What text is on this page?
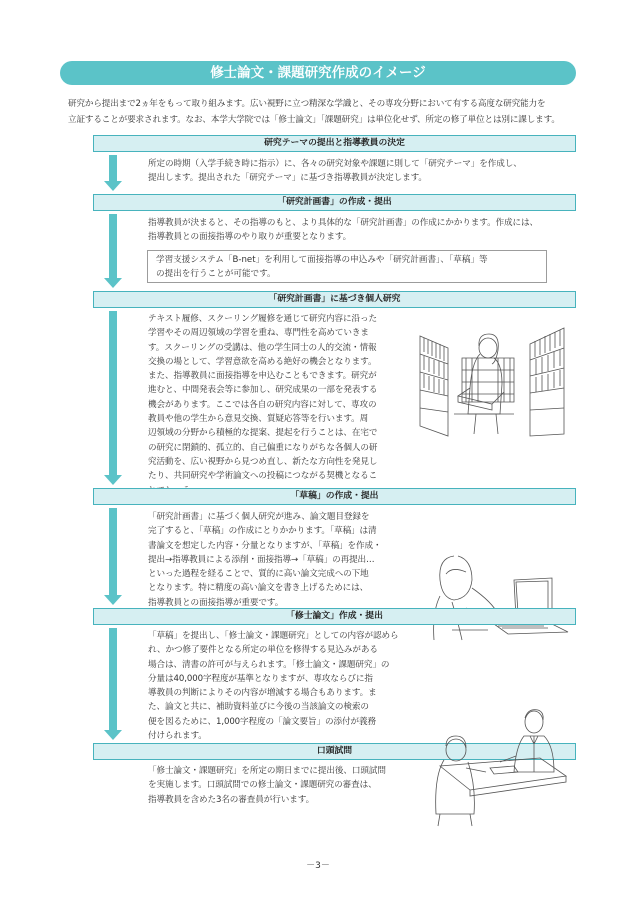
修士論文・課題研究作成のイメージ
研究から提出まで2ヵ年をもって取り組みます。広い視野に立つ精深な学識と、その専攻分野において有する高度な研究能力を
立証することが要求されます。なお、本学大学院では「修士論文」「課題研究」は単位化せず、所定の修了単位とは別に課します。
研究テーマの提出と指導教員の決定
所定の時期（入学手続き時に指示）に、各々の研究対象や課題に則して「研究テーマ」を作成し、
提出します。提出された「研究テーマ」に基づき指導教員が決定します。
「研究計画書」の作成・提出
指導教員が決まると、その指導のもと、より具体的な「研究計画書」の作成にかかります。作成には、
指導教員との面接指導のやり取りが重要となります。
学習支援システム「B-net」を利用して面接指導の申込みや「研究計画書」、「草稿」等
の提出を行うことが可能です。
「研究計画書」に基づき個人研究
テキスト履修、スクーリング履修を通じて研究内容に沿った
学習やその周辺領域の学習を重ね、専門性を高めていきま
す。スクーリングの受講は、他の学生同士の人的交流・情報
交換の場として、学習意欲を高める絶好の機会となります。
また、指導教員に面接指導を申込むこともできます。研究が
進むと、中間発表会等に参加し、研究成果の一部を発表する
機会があります。ここでは各自の研究内容に対して、専攻の
教員や他の学生から意見交換、質疑応答等を行います。周
辺領域の分野から積極的な提案、提起を行うことは、在宅で
の研究に閉鎖的、孤立的、自己偏重になりがちな各個人の研
究活動を、広い視野から見つめ直し、新たな方向性を発見し
たり、共同研究や学術論文への投稿につながる契機となるこ
「草稿」の作成・提出
「研究計画書」に基づく個人研究が進み、論文題目登録を
完了すると、「草稿」の作成にとりかかります。「草稿」は清
書論文を想定した内容・分量となりますが、「草稿」を作成・
提出→指導教員による添削・面接指導→「草稿」の再提出…
といった過程を経ることで、質的に高い論文完成への下地
となります。特に精度の高い論文を書き上げるためには、
指導教員との面接指導が重要です。
「修士論文」作成・提出
「草稿」を提出し、「修士論文・課題研究」としての内容が認めら
れ、かつ修了要件となる所定の単位を修得する見込みがある
場合は、清書の許可が与えられます。「修士論文・課題研究」の
分量は40,000字程度が基準となりますが、専攻ならびに指
導教員の判断によりその内容が増減する場合もあります。ま
た、論文と共に、補助資料並びに今後の当該論文の検索の
便を図るために、1,000字程度の「論文要旨」の添付が義務
付けられます。
口頭試問
「修士論文・課題研究」を所定の期日までに提出後、口頭試問
を実施します。口頭試問での修士論文・課題研究の審査は、
指導教員を含めた3名の審査員が行います。
－3－
